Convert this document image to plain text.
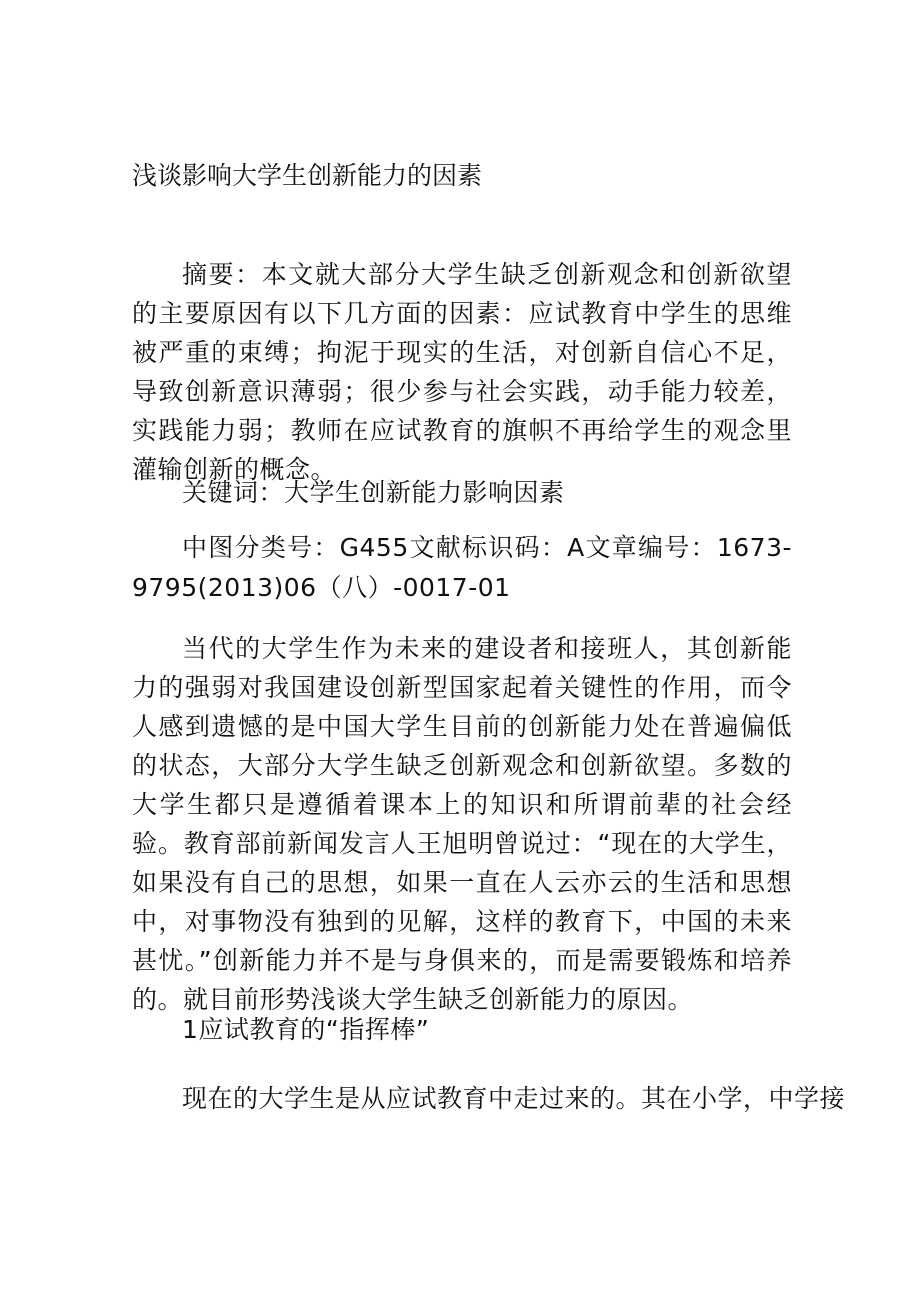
浅谈影响大学生创新能力的因素

摘要：本文就大部分大学生缺乏创新观念和创新欲望的主要原因有以下几方面的因素：应试教育中学生的思维被严重的束缚；拘泥于现实的生活，对创新自信心不足，导致创新意识薄弱；很少参与社会实践，动手能力较差，实践能力弱；教师在应试教育的旗帜不再给学生的观念里灌输创新的概念。

关键词：大学生创新能力影响因素

中图分类号：G455文献标识码：A文章编号：1673-9795(2013)06（八）-0017-01

当代的大学生作为未来的建设者和接班人，其创新能力的强弱对我国建设创新型国家起着关键性的作用，而令人感到遗憾的是中国大学生目前的创新能力处在普遍偏低的状态，大部分大学生缺乏创新观念和创新欲望。多数的大学生都只是遵循着课本上的知识和所谓前辈的社会经验。教育部前新闻发言人王旭明曾说过：“现在的大学生，如果没有自己的思想，如果一直在人云亦云的生活和思想中，对事物没有独到的见解，这样的教育下，中国的未来甚忧。”创新能力并不是与身俱来的，而是需要锻炼和培养的。就目前形势浅谈大学生缺乏创新能力的原因。

1应试教育的“指挥棒”

现在的大学生是从应试教育中走过来的。其在小学，中学接
